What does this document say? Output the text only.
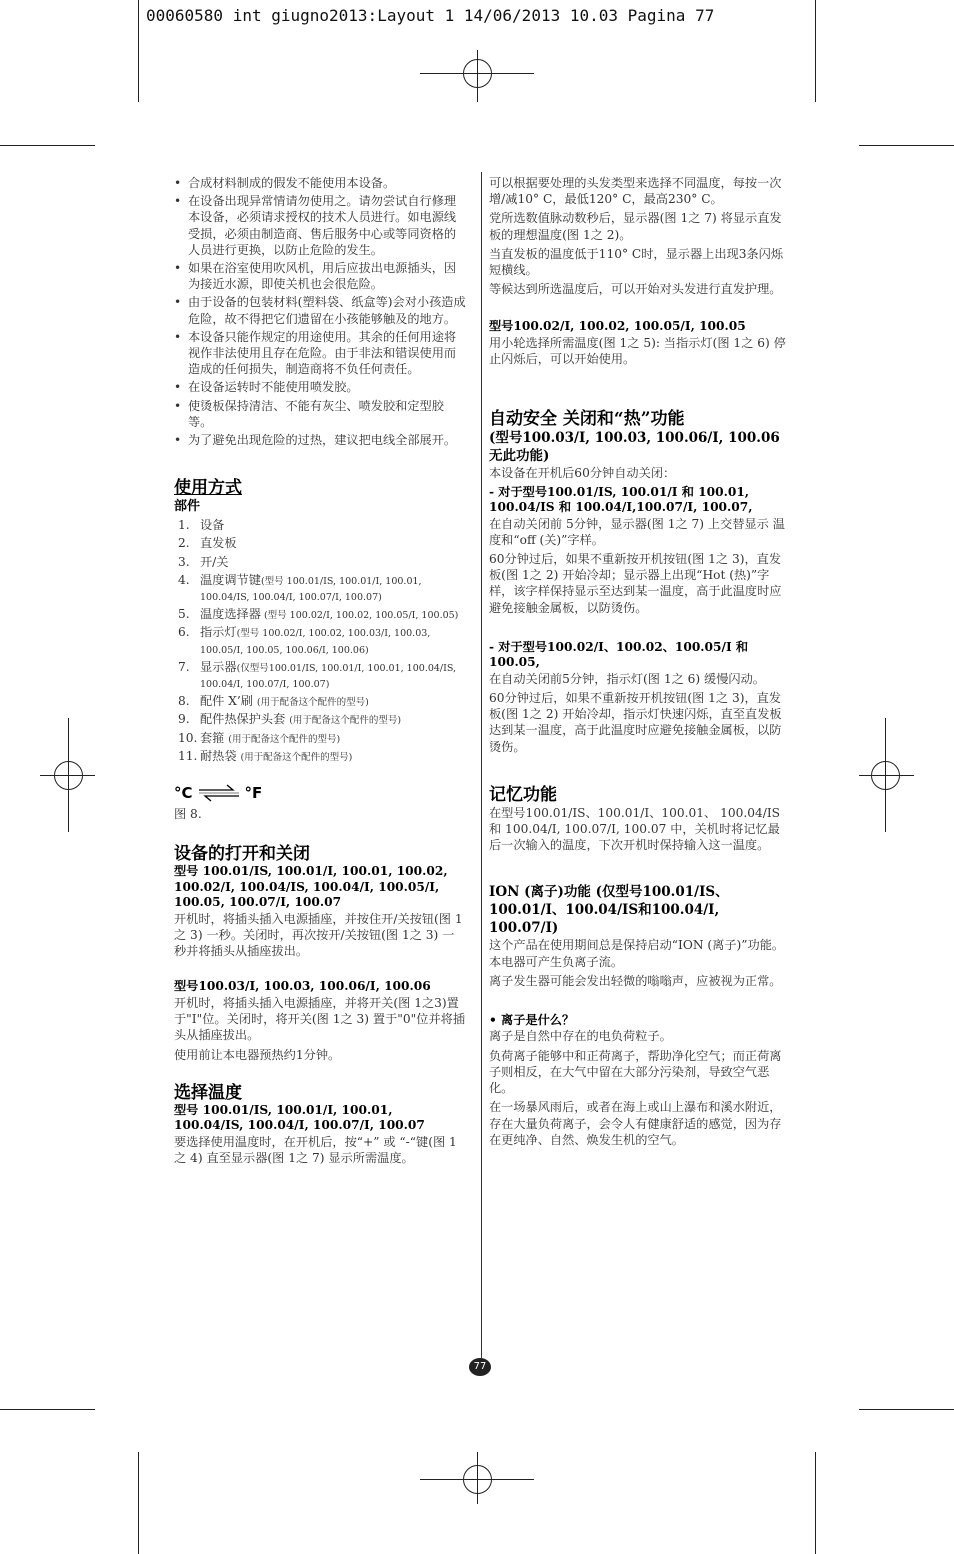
00060580 int giugno2013:Layout 1 14/06/2013 10.03 Pagina 77
• 合成材料制成的假发不能使用本设备。
• 在设备出现异常情请勿使用之。请勿尝试自行修理本设备，必须请求授权的技术人员进行。如电源线受损，必须由制造商、售后服务中心或等同资格的人员进行更换，以防止危险的发生。
• 如果在浴室使用吹风机，用后应拔出电源插头，因为接近水源，即使关机也会很危险。
• 由于设备的包装材料(塑料袋、纸盒等)会对小孩造成危险，故不得把它们遗留在小孩能够触及的地方。
• 本设备只能作规定的用途使用。其余的任何用途将视作非法使用且存在危险。由于非法和错误使用而造成的任何损失，制造商将不负任何责任。
• 在设备运转时不能使用喷发胶。
• 使烫板保持清洁、不能有灰尘、喷发胶和定型胶等。
• 为了避免出现危险的过热，建议把电线全部展开。
使用方式
部件
1. 设备
2. 直发板
3. 开/关
4. 温度调节键(型号 100.01/IS, 100.01/I, 100.01, 100.04/IS, 100.04/I, 100.07/I, 100.07)
5. 温度选择器 (型号 100.02/I, 100.02, 100.05/I, 100.05)
6. 指示灯(型号 100.02/I, 100.02, 100.03/I, 100.03, 100.05/I, 100.05, 100.06/I, 100.06)
7. 显示器(仅型号100.01/IS, 100.01/I, 100.01, 100.04/IS, 100.04/I, 100.07/I, 100.07)
8. 配件 X’刷 (用于配备这个配件的型号)
9. 配件热保护头套 (用于配备这个配件的型号)
10. 套箍 (用于配备这个配件的型号)
11. 耐热袋 (用于配备这个配件的型号)
°C	°F

图 8.

设备的打开和关闭
型号 100.01/IS, 100.01/I, 100.01, 100.02, 100.02/I, 100.04/IS, 100.04/I, 100.05/I, 100.05, 100.07/I, 100.07

开机时，将插头插入电源插座，并按住开/关按钮(图 1之 3) 一秒。关闭时，再次按开/关按钮(图 1之 3) 一秒并将插头从插座拔出。

型号100.03/I, 100.03, 100.06/I, 100.06

开机时，将插头插入电源插座，并将开关(图 1之3)置于"I"位。关闭时，将开关(图 1之 3) 置于"0"位并将插头从插座拔出。

使用前让本电器预热约1分钟。

选择温度
型号 100.01/IS, 100.01/I, 100.01, 100.04/IS, 100.04/I, 100.07/I, 100.07

要选择使用温度时，在开机后，按“+” 或 “-“键(图 1之 4) 直至显示器(图 1之 7) 显示所需温度。

可以根据要处理的头发类型来选择不同温度，每按一次增/减10° C，最低120° C，最高230° C。

党所选数值脉动数秒后，显示器(图 1之 7) 将显示直发板的理想温度(图 1之 2)。

当直发板的温度低于110° C时，显示器上出现3条闪烁短横线。

等候达到所选温度后，可以开始对头发进行直发护理。

型号100.02/I, 100.02, 100.05/I, 100.05

用小轮选择所需温度(图 1之 5): 当指示灯(图 1之 6) 停止闪烁后，可以开始使用。

自动安全 关闭和“热”功能
(型号100.03/I, 100.03, 100.06/I, 100.06无此功能)

本设备在开机后60分钟自动关闭：

- 对于型号100.01/IS, 100.01/I 和 100.01, 100.04/IS 和 100.04/I,100.07/I, 100.07,

在自动关闭前 5分钟，显示器(图 1之 7) 上交替显示 温度和“off (关)”字样。

60分钟过后，如果不重新按开机按钮(图 1之 3)，直发板(图 1之 2) 开始冷却；显示器上出现“Hot (热)”字样，该字样保持显示至达到某一温度，高于此温度时应避免接触金属板，以防烫伤。

- 对于型号100.02/I、100.02、100.05/I 和 100.05,

在自动关闭前5分钟，指示灯(图 1之 6) 缓慢闪动。

60分钟过后，如果不重新按开机按钮(图 1之 3)，直发板(图 1之 2) 开始冷却，指示灯快速闪烁，直至直发板达到某一温度，高于此温度时应避免接触金属板，以防烫伤。

记忆功能

在型号100.01/IS、100.01/I、100.01、 100.04/IS 和 100.04/I, 100.07/I, 100.07 中，关机时将记忆最后一次输入的温度，下次开机时保持输入这一温度。

ION (离子)功能 (仅型号100.01/IS、100.01/I、100.04/IS和100.04/I, 100.07/I)

这个产品在使用期间总是保持启动“ION (离子)”功能。 本电器可产生负离子流。

离子发生器可能会发出轻微的嗡嗡声，应被视为正常。

• 离子是什么？

离子是自然中存在的电负荷粒子。

负荷离子能够中和正荷离子，帮助净化空气；而正荷离子则相反，在大气中留在大部分污染剂，导致空气恶化。

在一场暴风雨后，或者在海上或山上瀑布和溪水附近，存在大量负荷离子，会令人有健康舒适的感觉，因为存在更纯净、自然、焕发生机的空气。

77
